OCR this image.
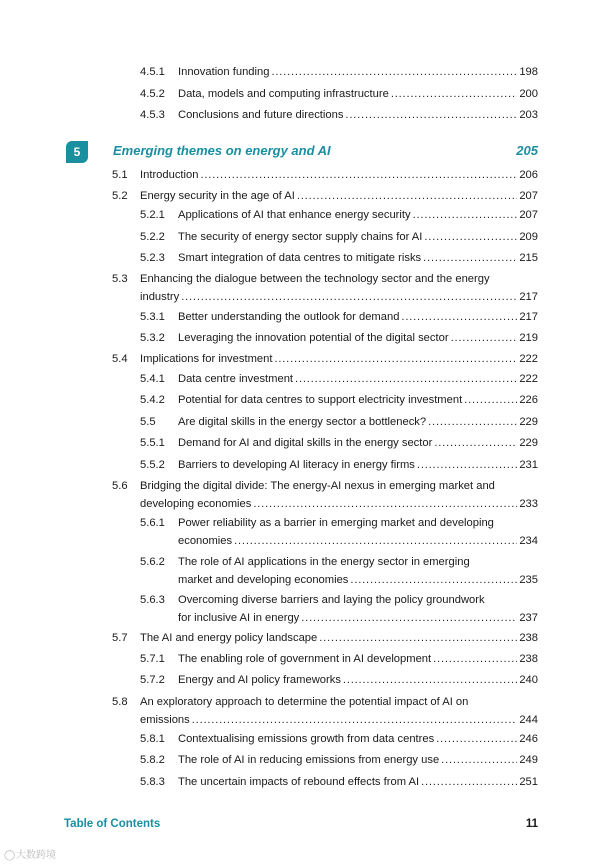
4.5.1	Innovation funding .....	198
4.5.2	Data, models and computing infrastructure .....	200
4.5.3	Conclusions and future directions .....	203
5	Emerging themes on energy and AI	205
5.1	Introduction .....	206
5.2	Energy security in the age of AI .....	207
5.2.1	Applications of AI that enhance energy security .....	207
5.2.2	The security of energy sector supply chains for AI .....	209
5.2.3	Smart integration of data centres to mitigate risks .....	215
5.3	Enhancing the dialogue between the technology sector and the energy
industry .....	217
5.3.1	Better understanding the outlook for demand .....	217
5.3.2	Leveraging the innovation potential of the digital sector .....	219
5.4	Implications for investment .....	222
5.4.1	Data centre investment .....	222
5.4.2	Potential for data centres to support electricity investment .....	226
5.5	Are digital skills in the energy sector a bottleneck? .....	229
5.5.1	Demand for AI and digital skills in the energy sector .....	229
5.5.2	Barriers to developing AI literacy in energy firms .....	231
5.6	Bridging the digital divide: The energy-AI nexus in emerging market and
developing economies .....	233
5.6.1	Power reliability as a barrier in emerging market and developing
economies .....	234
5.6.2	The role of AI applications in the energy sector in emerging
market and developing economies .....	235
5.6.3	Overcoming diverse barriers and laying the policy groundwork
for inclusive AI in energy .....	237
5.7	The AI and energy policy landscape .....	238
5.7.1	The enabling role of government in AI development .....	238
5.7.2	Energy and AI policy frameworks .....	240
5.8	An exploratory approach to determine the potential impact of AI on
emissions .....	244
5.8.1	Contextualising emissions growth from data centres .....	246
5.8.2	The role of AI in reducing emissions from energy use .....	249
5.8.3	The uncertain impacts of rebound effects from AI .....	251
Table of Contents	11
◯ 大数跨境
